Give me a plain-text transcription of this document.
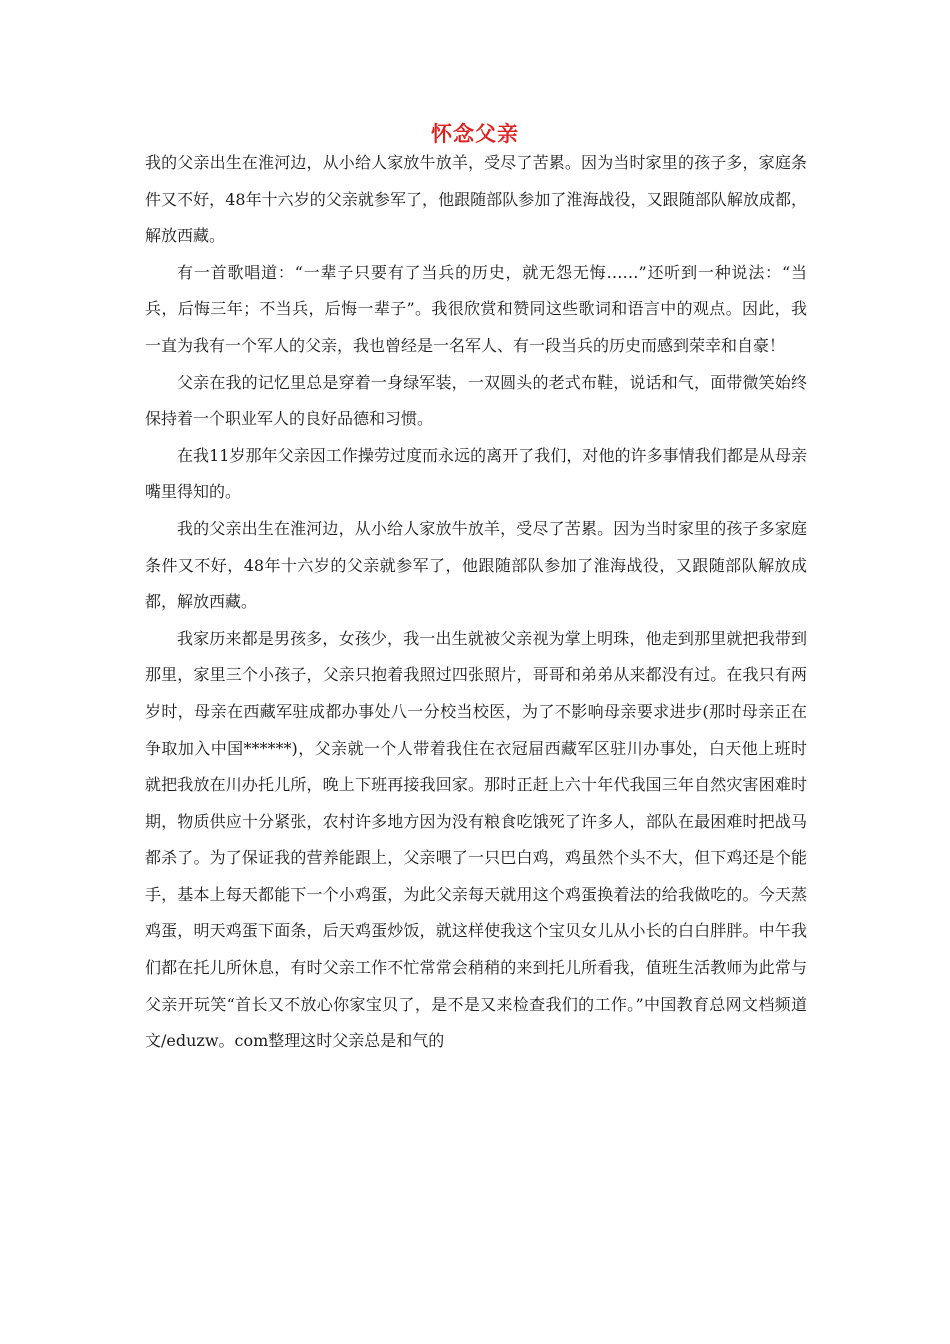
怀念父亲

我的父亲出生在淮河边，从小给人家放牛放羊，受尽了苦累。因为当时家里的孩子多，家庭条件又不好，48年十六岁的父亲就参军了，他跟随部队参加了淮海战役，又跟随部队解放成都，解放西藏。

有一首歌唱道：“一辈子只要有了当兵的历史，就无怨无悔……”还听到一种说法：“当兵，后悔三年；不当兵，后悔一辈子”。我很欣赏和赞同这些歌词和语言中的观点。因此，我一直为我有一个军人的父亲，我也曾经是一名军人、有一段当兵的历史而感到荣幸和自豪！

父亲在我的记忆里总是穿着一身绿军装，一双圆头的老式布鞋，说话和气，面带微笑始终保持着一个职业军人的良好品德和习惯。

在我11岁那年父亲因工作操劳过度而永远的离开了我们，对他的许多事情我们都是从母亲嘴里得知的。

我的父亲出生在淮河边，从小给人家放牛放羊，受尽了苦累。因为当时家里的孩子多家庭条件又不好，48年十六岁的父亲就参军了，他跟随部队参加了淮海战役，又跟随部队解放成都，解放西藏。

我家历来都是男孩多，女孩少，我一出生就被父亲视为掌上明珠，他走到那里就把我带到那里，家里三个小孩子，父亲只抱着我照过四张照片，哥哥和弟弟从来都没有过。在我只有两岁时，母亲在西藏军驻成都办事处八一分校当校医，为了不影响母亲要求进步(那时母亲正在争取加入中国******)，父亲就一个人带着我住在衣冠屇西藏军区驻川办事处，白天他上班时就把我放在川办托儿所，晚上下班再接我回家。那时正赶上六十年代我国三年自然灾害困难时期，物质供应十分紧张，农村许多地方因为没有粮食吃饿死了许多人，部队在最困难时把战马都杀了。为了保证我的营养能跟上，父亲喂了一只巴白鸡，鸡虽然个头不大，但下鸡还是个能手，基本上每天都能下一个小鸡蛋，为此父亲每天就用这个鸡蛋换着法的给我做吃的。今天蒸鸡蛋，明天鸡蛋下面条，后天鸡蛋炒饭，就这样使我这个宝贝女儿从小长的白白胖胖。中午我们都在托儿所休息，有时父亲工作不忙常常会稍稍的来到托儿所看我，值班生活教师为此常与父亲开玩笑“首长又不放心你家宝贝了，是不是又来检查我们的工作。”中国教育总网文档频道文/eduzw。com整理这时父亲总是和气的
